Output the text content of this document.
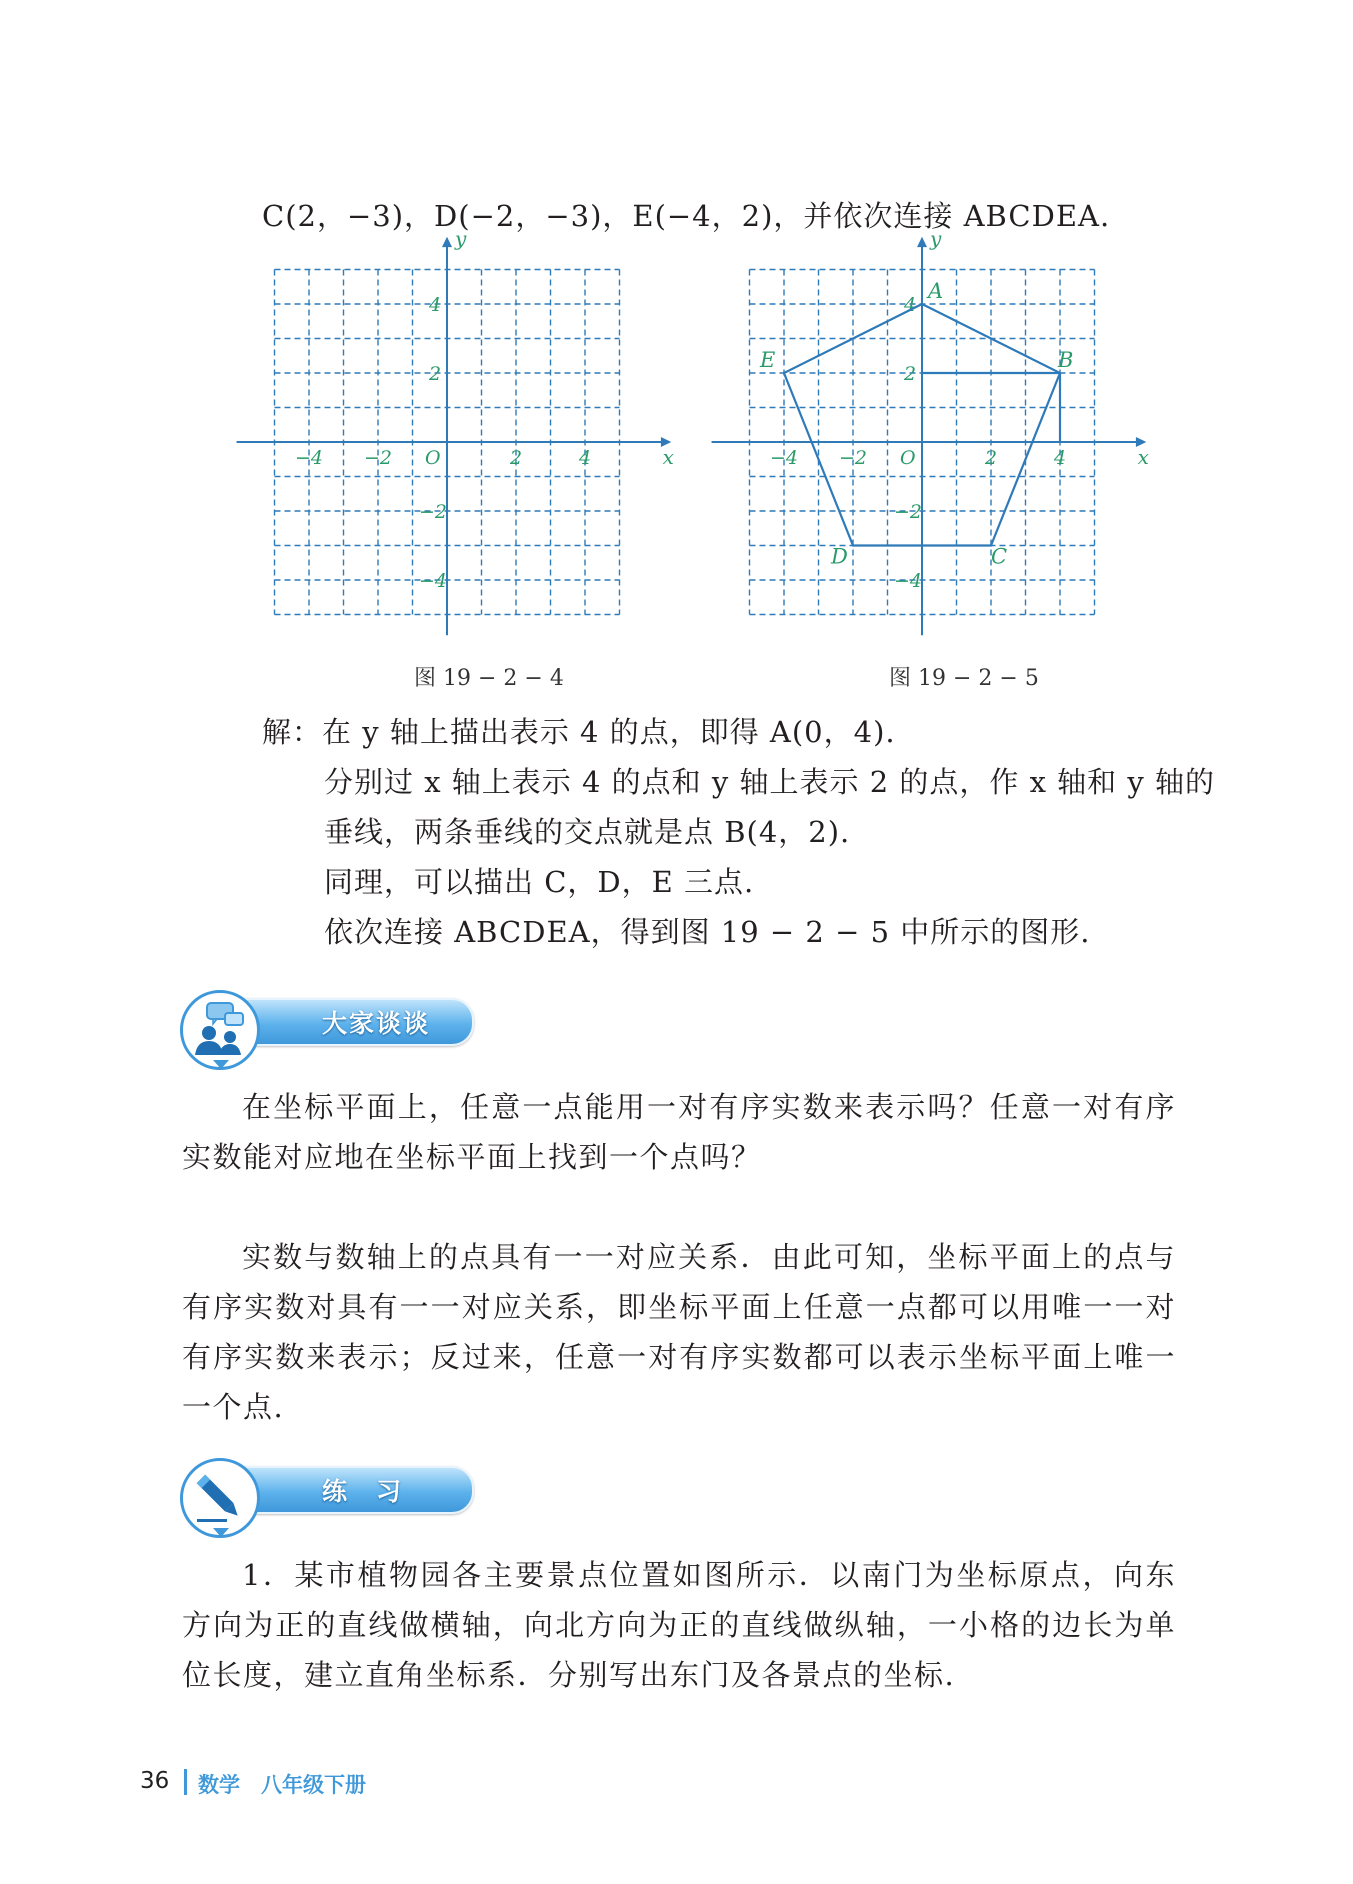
C(2，−3)，D(−2，−3)，E(−4，2)，并依次连接 ABCDEA.
x
y
O
−4 −2	2	4
4
2
−2
−4
图 19 − 2 − 4
x
y
O
−4 −2	2	4
4
2
−2
−4
A
B
C
D
E
图 19 − 2 − 5
解：在 y 轴上描出表示 4 的点，即得 A(0，4).
分别过 x 轴上表示 4 的点和 y 轴上表示 2 的点，作 x 轴和 y 轴的
垂线，两条垂线的交点就是点 B(4，2).
同理，可以描出 C，D，E 三点.
依次连接 ABCDEA，得到图 19 − 2 − 5 中所示的图形.
大家谈谈
在坐标平面上，任意一点能用一对有序实数来表示吗？任意一对有序实数能对应地在坐标平面上找到一个点吗？
实数与数轴上的点具有一一对应关系．由此可知，坐标平面上的点与有序实数对具有一一对应关系，即坐标平面上任意一点都可以用唯一一对有序实数来表示；反过来，任意一对有序实数都可以表示坐标平面上唯一一个点.
练　习
1．某市植物园各主要景点位置如图所示．以南门为坐标原点，向东方向为正的直线做横轴，向北方向为正的直线做纵轴，一小格的边长为单位长度，建立直角坐标系．分别写出东门及各景点的坐标.
36 数学　八年级下册
